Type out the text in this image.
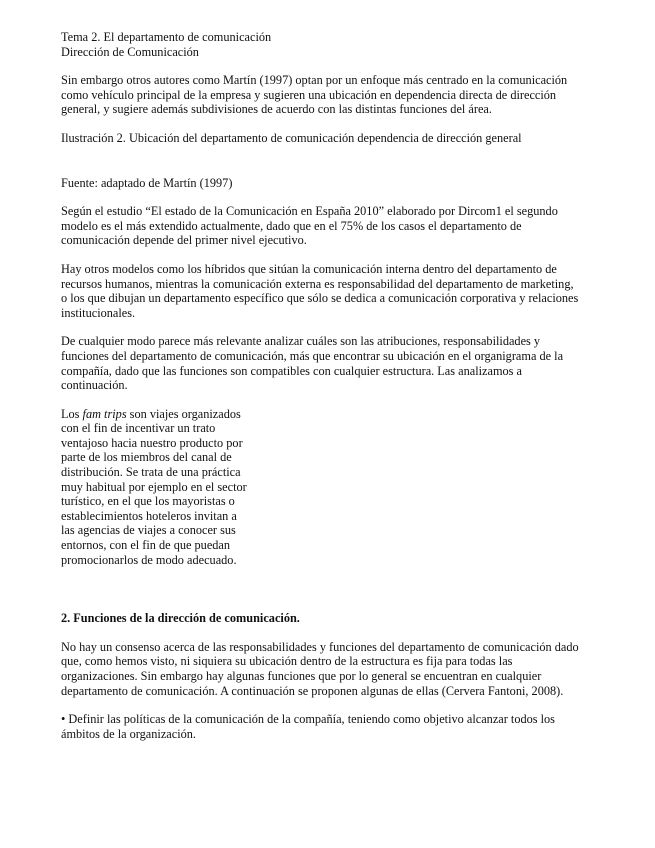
Tema 2. El departamento de comunicación

Dirección de Comunicación

Sin embargo otros autores como Martín (1997) optan por un enfoque más centrado en la comunicación como vehículo principal de la empresa y sugieren una ubicación en dependencia directa de dirección general, y sugiere además subdivisiones de acuerdo con las distintas funciones del área.

Ilustración 2. Ubicación del departamento de comunicación dependencia de dirección general

Fuente: adaptado de Martín (1997)

Según el estudio “El estado de la Comunicación en España 2010” elaborado por Dircom1 el segundo modelo es el más extendido actualmente, dado que en el 75% de los casos el departamento de comunicación depende del primer nivel ejecutivo.

Hay otros modelos como los híbridos que sitúan la comunicación interna dentro del departamento de recursos humanos, mientras la comunicación externa es responsabilidad del departamento de marketing, o los que dibujan un departamento específico que sólo se dedica a comunicación corporativa y relaciones institucionales.

De cualquier modo parece más relevante analizar cuáles son las atribuciones, responsabilidades y funciones del departamento de comunicación, más que encontrar su ubicación en el organigrama de la compañía, dado que las funciones son compatibles con cualquier estructura. Las analizamos a continuación.

Los fam trips son viajes organizados con el fin de incentivar un trato ventajoso hacia nuestro producto por parte de los miembros del canal de distribución. Se trata de una práctica muy habitual por ejemplo en el sector turístico, en el que los mayoristas o establecimientos hoteleros invitan a las agencias de viajes a conocer sus entornos, con el fin de que puedan promocionarlos de modo adecuado.

2. Funciones de la dirección de comunicación.

No hay un consenso acerca de las responsabilidades y funciones del departamento de comunicación dado que, como hemos visto, ni siquiera su ubicación dentro de la estructura es fija para todas las organizaciones. Sin embargo hay algunas funciones que por lo general se encuentran en cualquier departamento de comunicación. A continuación se proponen algunas de ellas (Cervera Fantoni, 2008).

• Definir las políticas de la comunicación de la compañía, teniendo como objetivo alcanzar todos los ámbitos de la organización.
